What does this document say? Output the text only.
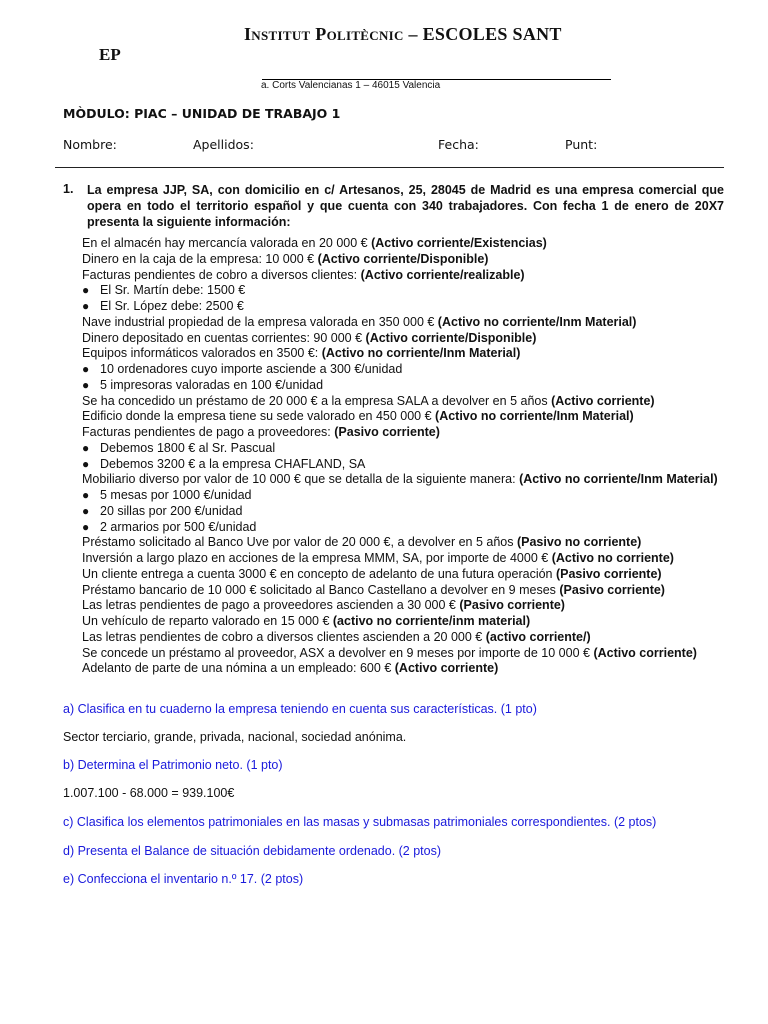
Institut Politècnic – ESCOLES SANT
EP
a. Corts Valencianas 1 – 46015 Valencia
MÒDULO: PIAC – UNIDAD DE TRABAJO 1
Nombre:	Apellidos:	Fecha:	Punt:
1. La empresa JJP, SA, con domicilio en c/ Artesanos, 25, 28045 de Madrid es una empresa comercial que opera en todo el territorio español y que cuenta con 340 trabajadores. Con fecha 1 de enero de 20X7 presenta la siguiente información:
En el almacén hay mercancía valorada en 20 000 € (Activo corriente/Existencias)
Dinero en la caja de la empresa: 10 000 € (Activo corriente/Disponible)
Facturas pendientes de cobro a diversos clientes: (Activo corriente/realizable)
● El Sr. Martín debe: 1500 €
● El Sr. López debe: 2500 €
Nave industrial propiedad de la empresa valorada en 350 000 € (Activo no corriente/Inm Material)
Dinero depositado en cuentas corrientes: 90 000 € (Activo corriente/Disponible)
Equipos informáticos valorados en 3500 €: (Activo no corriente/Inm Material)
● 10 ordenadores cuyo importe asciende a 300 €/unidad
● 5 impresoras valoradas en 100 €/unidad
Se ha concedido un préstamo de 20 000 € a la empresa SALA a devolver en 5 años (Activo corriente)
Edificio donde la empresa tiene su sede valorado en 450 000 € (Activo no corriente/Inm Material)
Facturas pendientes de pago a proveedores: (Pasivo corriente)
● Debemos 1800 € al Sr. Pascual
● Debemos 3200 € a la empresa CHAFLAND, SA
Mobiliario diverso por valor de 10 000 € que se detalla de la siguiente manera: (Activo no corriente/Inm Material)
● 5 mesas por 1000 €/unidad
● 20 sillas por 200 €/unidad
● 2 armarios por 500 €/unidad
Préstamo solicitado al Banco Uve por valor de 20 000 €, a devolver en 5 años (Pasivo no corriente)
Inversión a largo plazo en acciones de la empresa MMM, SA, por importe de 4000 € (Activo no corriente)
Un cliente entrega a cuenta 3000 € en concepto de adelanto de una futura operación (Pasivo corriente)
Préstamo bancario de 10 000 € solicitado al Banco Castellano a devolver en 9 meses (Pasivo corriente)
Las letras pendientes de pago a proveedores ascienden a 30 000 € (Pasivo corriente)
Un vehículo de reparto valorado en 15 000 € (activo no corriente/inm material)
Las letras pendientes de cobro a diversos clientes ascienden a 20 000 € (activo corriente/)
Se concede un préstamo al proveedor, ASX a devolver en 9 meses por importe de 10 000 € (Activo corriente)
Adelanto de parte de una nómina a un empleado: 600 € (Activo corriente)
a) Clasifica en tu cuaderno la empresa teniendo en cuenta sus características. (1 pto)
Sector terciario, grande, privada, nacional, sociedad anónima.
b) Determina el Patrimonio neto. (1 pto)
1.007.100 - 68.000 = 939.100€
c) Clasifica los elementos patrimoniales en las masas y submasas patrimoniales correspondientes. (2 ptos)
d) Presenta el Balance de situación debidamente ordenado. (2 ptos)
e) Confecciona el inventario n.º 17. (2 ptos)
